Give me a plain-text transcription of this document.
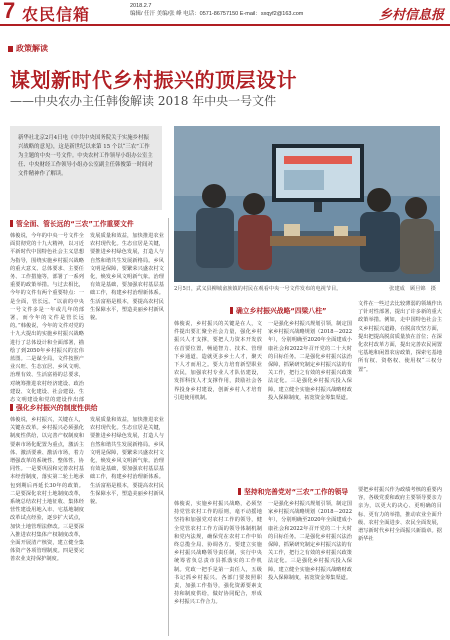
7 农民信箱	2018.2.7
编辑/ 任汗 美编/张 峰 电话：0571-86757150 E-mail：sxqyf2@163.com	乡村信息报
政策解读
谋划新时代乡村振兴的顶层设计
——中央农办主任韩俊解读 2018 年中央一号文件
新华社北京2月4日电《中共中央国务院关于实施乡村振兴战略的意见》，这是新世纪以来第 15 个以“三农”工作为主题的中央一号文件。中央农村工作领导小组办公室主任、中央财经工作领导小组办公室副主任韩俊第一时间对文件精神作了解读。
2月5日，武义县柳城畲族镇的村民在观看中央一号文件发布的电视节目。	张建成　顾旦锦　摄
管全面、管长远的“三农”工作重要文件
韩俊说，今年的中央一号文件全面贯彻党的十九大精神，以习近平新时代中国特色社会主义思想为指导，围绕实施乡村振兴战略的重大意义、总体要求、主要任务、工作措施等，部署了一系列重要的政策举措。与过去相比，今年的文件有两个重要特点：一是全面，管长远。“以前的中央一号文件多是一年或几年的部署，而今年的文件是管长远的。”韩俊说，今年的文件对党的十九大提出的实施乡村振兴战略进行了总体设计和全面部署，描绘了到2050年乡村振兴的宏伟蓝图。二是谋全局。文件按照产业兴旺、生态宜居、乡风文明、治理有效、生活富裕的总要求，对统筹推进农村经济建设、政治建设、文化建设、社会建设、生态文明建设和党的建设作出部
发展质量和效益，加快推进农业农村现代化。生态宜居是关键，要推进乡村绿色发展，打造人与自然和谐共生发展新格局。乡风文明是保障，要繁荣兴盛农村文化，焕发乡风文明新气象。治理有效是基础，要加强农村基层基础工作，构建乡村治理新体系。生活富裕是根本，要提高农村民生保障水平，塑造美丽乡村新风貌。
强化乡村振兴的制度性供给
韩俊说，乡村振兴，关键在人，关键在改革。乡村振兴必须强化制度性供给，以完善产权制度和要素市场化配置为重点，激活主体、激活要素、激活市场，着力增强改革的系统性、整体性、协同性。一是要巩固和完善农村基本经营制度，落实第二轮土地承包到期后再延长30年的政策。二是要深化农村土地制度改革，系统总结农村土地征收、集体经营性建设用地入市、宅基地制度改革试点经验，逐步扩大试点，加快土地管理法修改。三是要深入推进农村集体产权制度改革，全面开展清产核资，建立健全集体资产各项管理制度。四是要完善农业支持保护制度。
发展质量和效益，加快推进农业农村现代化。生态宜居是关键，要推进乡村绿色发展，打造人与自然和谐共生发展新格局。乡风文明是保障，要繁荣兴盛农村文化，焕发乡风文明新气象。治理有效是基础，要加强农村基层基础工作，构建乡村治理新体系。生活富裕是根本，要提高农村民生保障水平，塑造美丽乡村新风貌。
确立乡村振兴战略“四梁八柱”
韩俊说，乡村振兴的关键是在人，文件提出要汇聚全社会力量，强化乡村振兴人才支撑，要把人力资本开发放在首要位置，畅通智力、技术、管理下乡通道，造就更多乡土人才，聚天下人才而用之。要大力培育新型职业农民，加强农村专业人才队伍建设，发挥科技人才支撑作用，鼓励社会各界投身乡村建设，创新乡村人才培育引进使用机制。
一是强化乡村振兴规划引领，制定国家乡村振兴战略规划（2018－2022年），分别明确至2020年全面建成小康社会和2022年召开党的二十大时的目标任务。二是强化乡村振兴法治保障，抓紧研究制定乡村振兴法的有关工作，把行之有效的乡村振兴政策法定化。三是强化乡村振兴投入保障，建立健全实施乡村振兴战略财政投入保障制度，拓宽资金筹集渠道。
文件在一些过去比较薄弱的领域作出了针对性部署，提出了许多新的重大政策举措。例如，走中国特色社会主义乡村振兴道路，在脱贫攻坚方面，提出把提高脱贫质量放在首位；在深化农村改革方面，提出完善农民闲置宅基地和闲置农房政策，探索宅基地所有权、资格权、使用权“三权分置”。
坚持和完善党对“三农”工作的领导
韩俊说，实施乡村振兴战略，必须坚持党管农村工作的原则，毫不动摇地坚持和加强党对农村工作的领导，健全党管农村工作方面的领导体制机制和党内法规，确保党在农村工作中始终总揽全局、协调各方。要建立实施乡村振兴战略领导责任制，实行中央统筹省负总责市县抓落实的工作机制。党政一把手是第一责任人，五级书记抓乡村振兴。各部门要按照职责，加强工作指导，强化资源要素支持和制度供给，做好协同配合，形成乡村振兴工作合力。
一是强化乡村振兴规划引领，制定国家乡村振兴战略规划（2018－2022年），分别明确至2020年全面建成小康社会和2022年召开党的二十大时的目标任务。二是强化乡村振兴法治保障，抓紧研究制定乡村振兴法的有关工作，把行之有效的乡村振兴政策法定化。三是强化乡村振兴投入保障，建立健全实施乡村振兴战略财政投入保障制度，拓宽资金筹集渠道。
要把乡村振兴作为政绩考核的重要内容，各级党委和政府主要领导要亲力亲为，以更大的决心、更明确的目标、更有力的举措，推动农业全面升级、农村全面进步、农民全面发展，谱写新时代乡村全面振兴新篇章。据新华社
